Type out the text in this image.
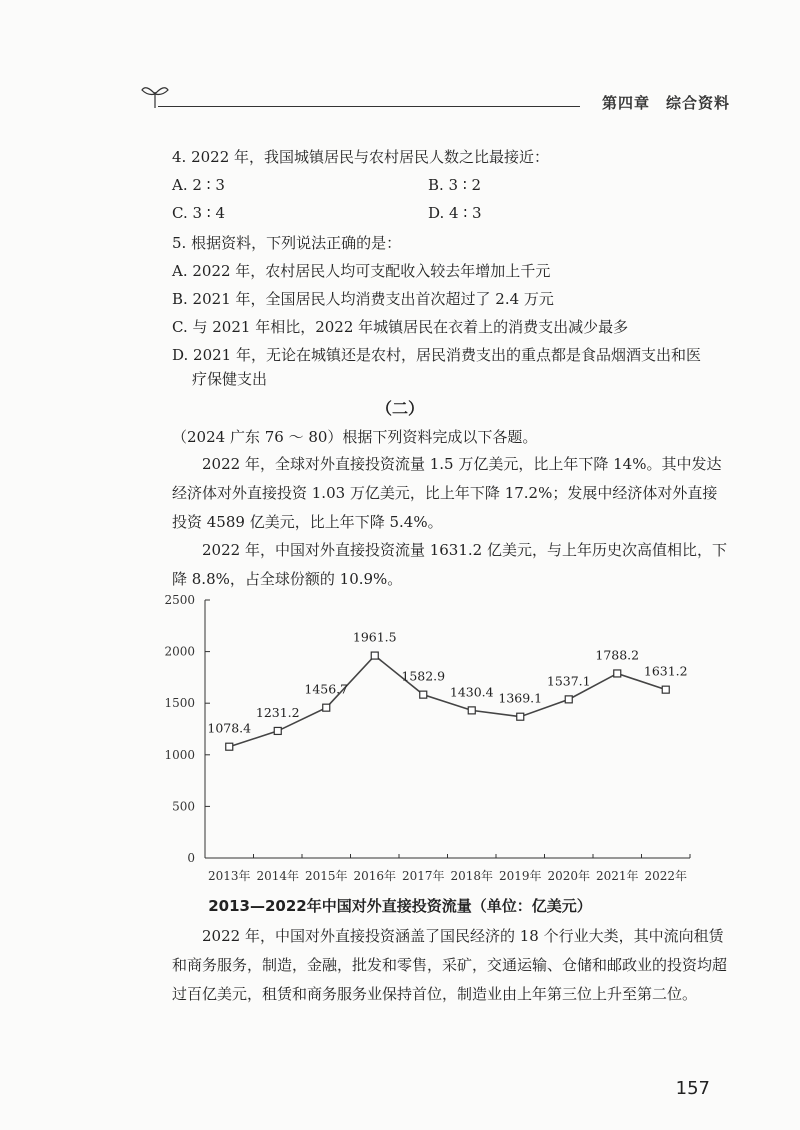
第四章　综合资料
4. 2022 年，我国城镇居民与农村居民人数之比最接近：
A. 2 ∶ 3	B. 3 ∶ 2
C. 3 ∶ 4	D. 4 ∶ 3
5. 根据资料，下列说法正确的是：
A. 2022 年，农村居民人均可支配收入较去年增加上千元
B. 2021 年，全国居民人均消费支出首次超过了 2.4 万元
C. 与 2021 年相比，2022 年城镇居民在衣着上的消费支出减少最多
D. 2021 年，无论在城镇还是农村，居民消费支出的重点都是食品烟酒支出和医
疗保健支出
（二）
（2024 广东 76 ～ 80）根据下列资料完成以下各题。
2022 年，全球对外直接投资流量 1.5 万亿美元，比上年下降 14%。其中发达经济体对外直接投资 1.03 万亿美元，比上年下降 17.2%；发展中经济体对外直接投资 4589 亿美元，比上年下降 5.4%。
2022 年，中国对外直接投资流量 1631.2 亿美元，与上年历史次高值相比，下降 8.8%，占全球份额的 10.9%。
0
500
1000
1500
2000
2500
2013年 2014年 2015年 2016年 2017年 2018年 2019年 2020年 2021年 2022年
1078.4
1231.2
1456.7
1961.5
1582.9
1430.4 1369.1
1537.1
1788.2
1631.2
2013—2022年中国对外直接投资流量（单位：亿美元）
2022 年，中国对外直接投资涵盖了国民经济的 18 个行业大类，其中流向租赁和商务服务，制造，金融，批发和零售，采矿，交通运输、仓储和邮政业的投资均超过百亿美元，租赁和商务服务业保持首位，制造业由上年第三位上升至第二位。
157
